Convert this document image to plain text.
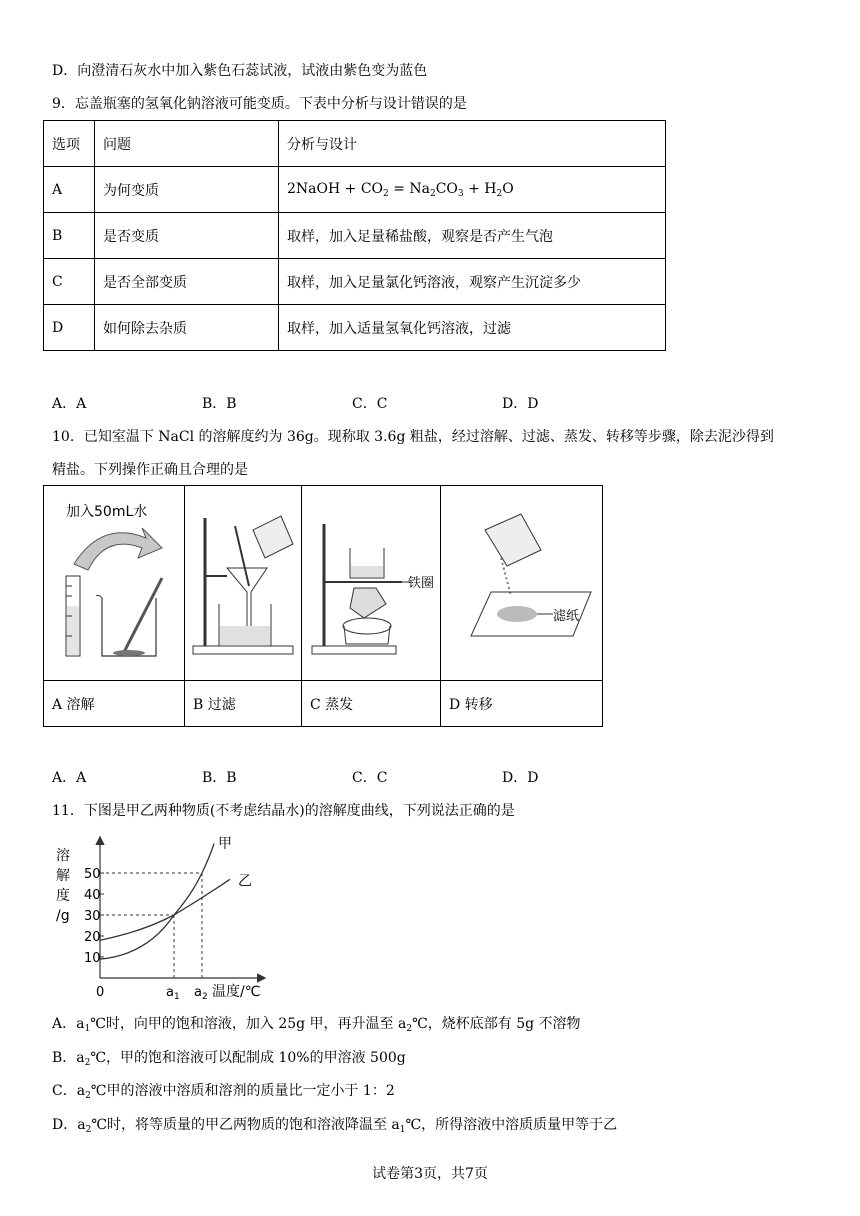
D．向澄清石灰水中加入紫色石蕊试液，试液由紫色变为蓝色
9．忘盖瓶塞的氢氧化钠溶液可能变质。下表中分析与设计错误的是
选项	问题	分析与设计
A	为何变质	2NaOH + $CO_2 = Na_2CO_3 + H_2O$
B	是否变质	取样，加入足量稀盐酸，观察是否产生气泡
C	是否全部变质	取样，加入足量氯化钙溶液，观察产生沉淀多少
D	如何除去杂质	取样，加入适量氢氧化钙溶液，过滤
A．A	B．B	C．C	D．D
10．已知室温下 NaCl 的溶解度约为 36g。现称取 3.6g 粗盐，经过溶解、过滤、蒸发、转移等步骤，除去泥沙得到
精盐。下列操作正确且合理的是
加入50mL水		铁圈	滤纸

A 溶解	B 过滤	C 蒸发	D 转移
A．A	B．B	C．C	D．D
11．下图是甲乙两种物质(不考虑结晶水)的溶解度曲线，下列说法正确的是
溶
解
度
/g
10
20
30
40
50
0	$a_1$ $a_2$
甲
乙
温度/℃
A．$a_1℃$时，向甲的饱和溶液，加入 25g 甲，再升温至 $a_2℃$，烧杯底部有 5g 不溶物
B．$a_2℃$，甲的饱和溶液可以配制成 10%的甲溶液 500g
C．$a_2℃$甲的溶液中溶质和溶剂的质量比一定小于 1：2
D．$a_2℃$时，将等质量的甲乙两物质的饱和溶液降温至 $a_1℃$，所得溶液中溶质质量甲等于乙
试卷第3页，共7页
